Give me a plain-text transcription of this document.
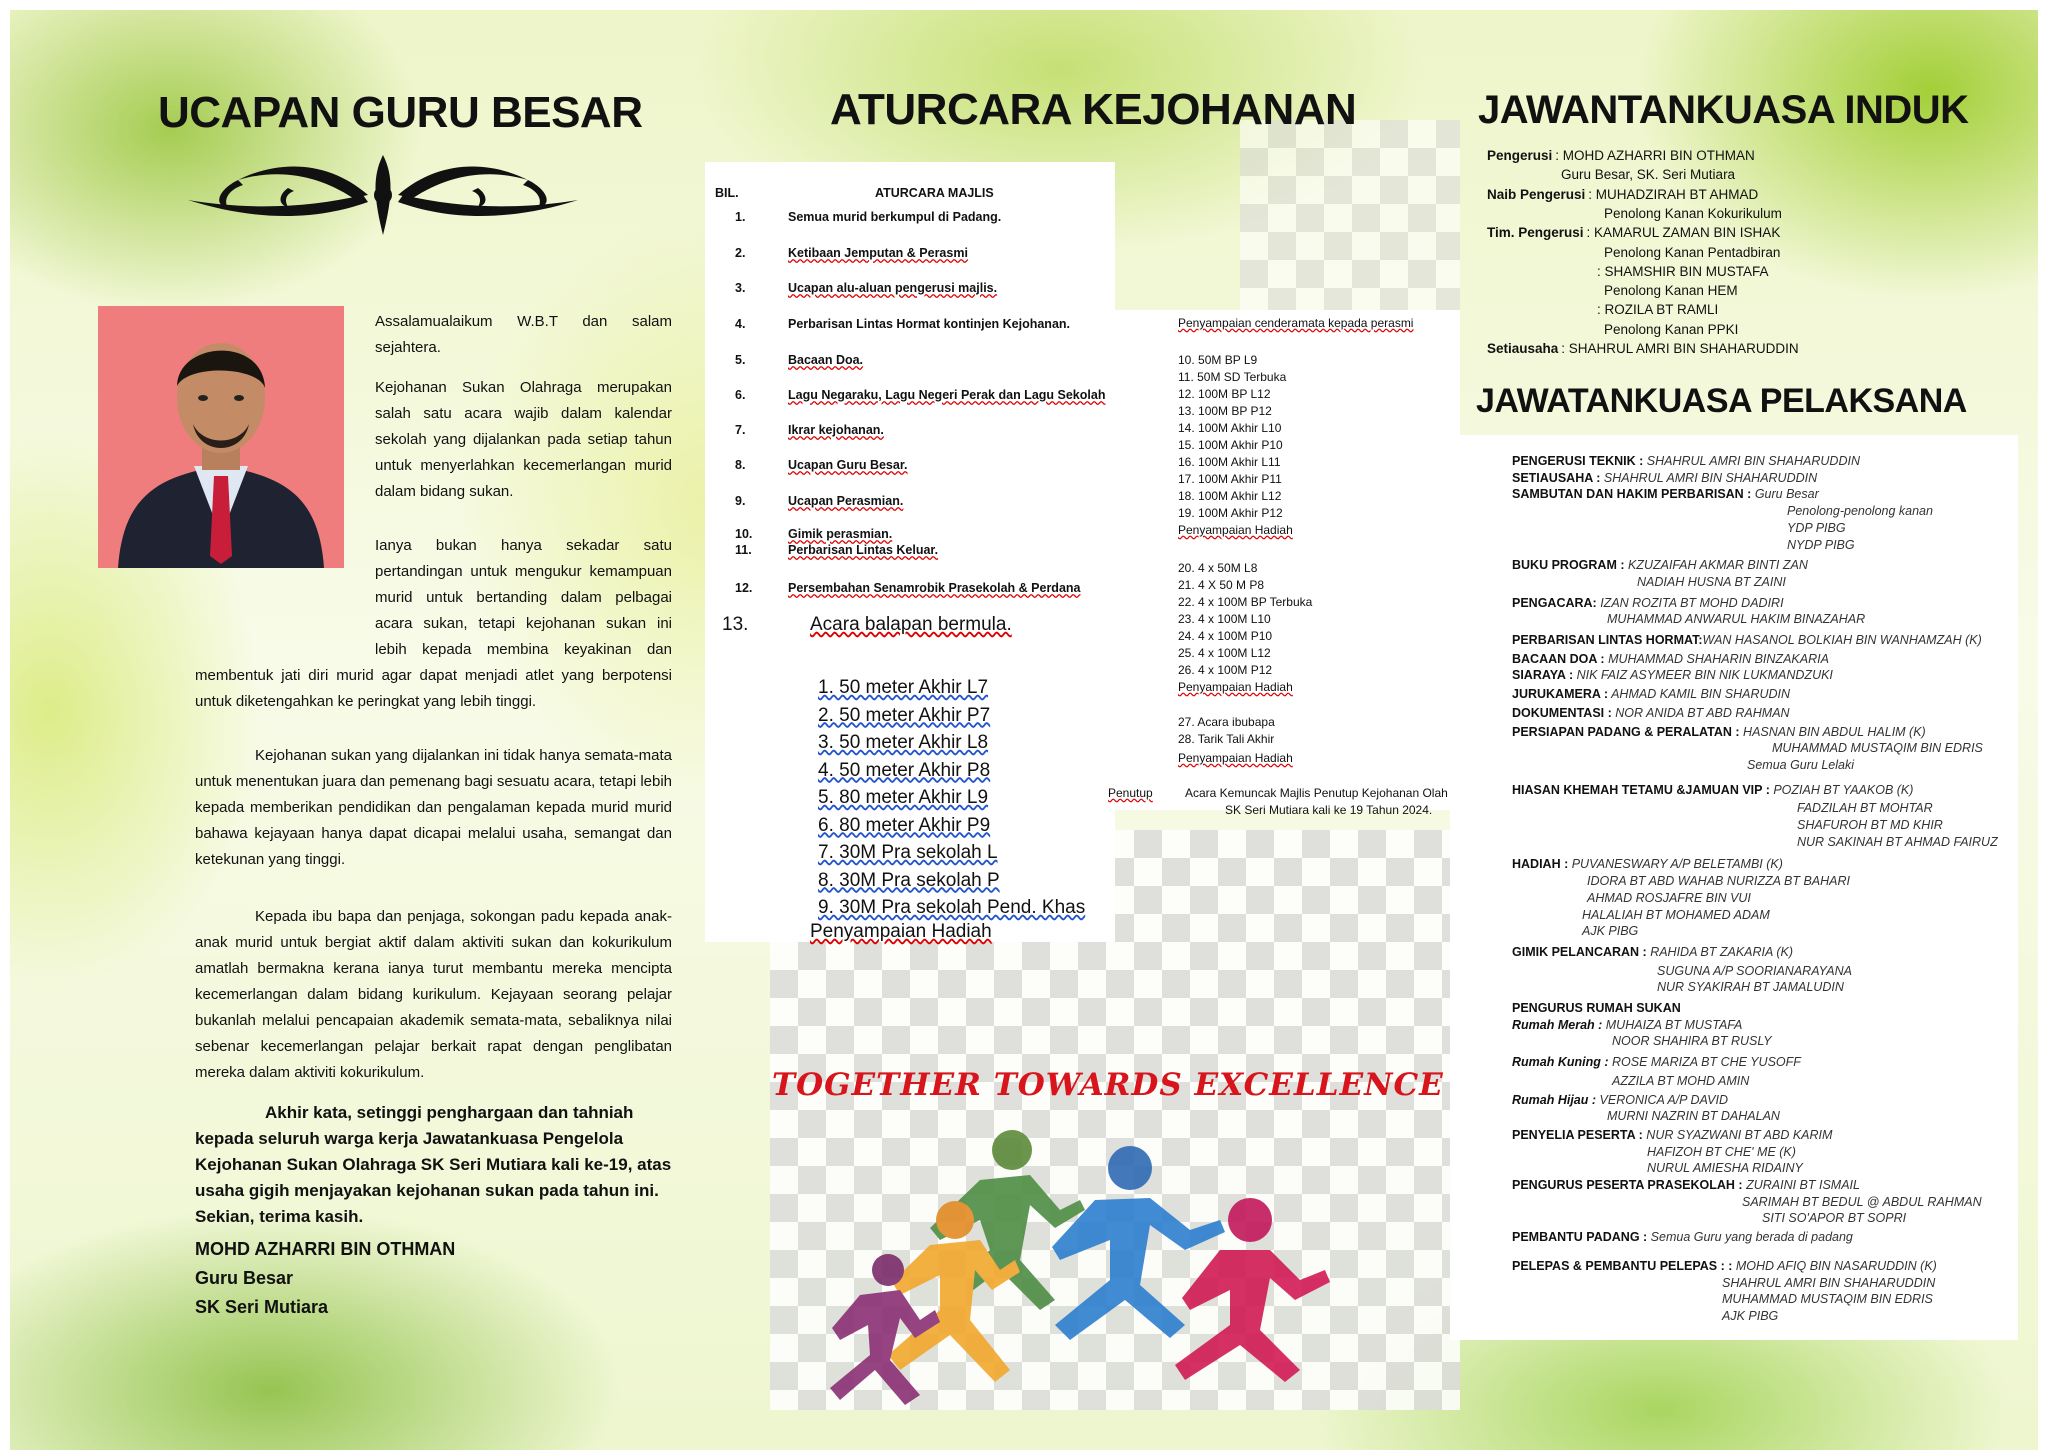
UCAPAN GURU BESAR

Assalamualaikum W.B.T dan salam sejahtera.

Kejohanan Sukan Olahraga merupakan salah satu acara wajib dalam kalendar sekolah yang dijalankan pada setiap tahun untuk menyerlahkan kecemerlangan murid dalam bidang sukan.

Ianya bukan hanya sekadar satu pertandingan untuk mengukur kemampuan murid untuk bertanding dalam pelbagai acara sukan, tetapi kejohanan sukan ini lebih kepada membina keyakinan dan membentuk jati diri murid agar dapat menjadi atlet yang berpotensi untuk diketengahkan ke peringkat yang lebih tinggi.

Kejohanan sukan yang dijalankan ini tidak hanya semata-mata untuk menentukan juara dan pemenang bagi sesuatu acara, tetapi lebih kepada memberikan pendidikan dan pengalaman kepada murid murid bahawa kejayaan hanya dapat dicapai melalui usaha, semangat dan ketekunan yang tinggi.

Kepada ibu bapa dan penjaga, sokongan padu kepada anak-anak murid untuk bergiat aktif dalam aktiviti sukan dan kokurikulum amatlah bermakna kerana ianya turut membantu mereka mencipta kecemerlangan dalam bidang kurikulum. Kejayaan seorang pelajar bukanlah melalui pencapaian akademik semata-mata, sebaliknya nilai sebenar kecemerlangan pelajar berkait rapat dengan penglibatan mereka dalam aktiviti kokurikulum.

Akhir kata, setinggi penghargaan dan tahniah kepada seluruh warga kerja Jawatankuasa Pengelola Kejohanan Sukan Olahraga SK Seri Mutiara kali ke-19, atas usaha gigih menjayakan kejohanan sukan pada tahun ini. Sekian, terima kasih.

MOHD AZHARRI BIN OTHMAN
Guru Besar
SK Seri Mutiara
ATURCARA KEJOHANAN
BIL.	ATURCARA MAJLIS
1.	Semua murid berkumpul di Padang.
2.	Ketibaan Jemputan & Perasmi
3.	Ucapan alu-aluan pengerusi majlis.
4.	Perbarisan Lintas Hormat kontinjen Kejohanan.
5.	Bacaan Doa.
6.	Lagu Negaraku, Lagu Negeri Perak dan Lagu Sekolah
7.	Ikrar kejohanan.
8.	Ucapan Guru Besar.
9.	Ucapan Perasmian.
10.	Gimik perasmian.
11.	Perbarisan Lintas Keluar.
12.	Persembahan Senamrobik Prasekolah & Perdana
13.	Acara balapan bermula.
1. 50 meter Akhir L7
2. 50 meter Akhir P7
3. 50 meter Akhir L8
4. 50 meter Akhir P8
5. 80 meter Akhir L9
6. 80 meter Akhir P9
7. 30M Pra sekolah L
8. 30M Pra sekolah P
9. 30M Pra sekolah Pend. Khas
Penyampaian Hadiah
Penyampaian cenderamata kepada perasmi
10. 50M BP L9
11. 50M SD Terbuka
12. 100M BP L12
13. 100M BP P12
14. 100M Akhir L10
15. 100M Akhir P10
16. 100M Akhir L11
17. 100M Akhir P11
18. 100M Akhir L12
19. 100M Akhir P12
Penyampaian Hadiah
20. 4 x 50M L8
21. 4 X 50 M P8
22. 4 x 100M BP Terbuka
23. 4 x 100M L10
24. 4 x 100M P10
25. 4 x 100M L12
26. 4 x 100M P12
Penyampaian Hadiah
27. Acara ibubapa
28. Tarik Tali Akhir
Penyampaian Hadiah
Penutup	Acara Kemuncak Majlis Penutup Kejohanan Olah
SK Seri Mutiara kali ke 19 Tahun 2024.
TOGETHER TOWARDS EXCELLENCE
JAWANTANKUASA INDUK
Pengerusi : MOHD AZHARRI BIN OTHMAN
Guru Besar, SK. Seri Mutiara
Naib Pengerusi : MUHADZIRAH BT AHMAD
Penolong Kanan Kokurikulum
Tim. Pengerusi : KAMARUL ZAMAN BIN ISHAK
Penolong Kanan Pentadbiran
: SHAMSHIR BIN MUSTAFA
Penolong Kanan HEM
: ROZILA BT RAMLI
Penolong Kanan PPKI
Setiausaha : SHAHRUL AMRI BIN SHAHARUDDIN
JAWATANKUASA PELAKSANA
PENGERUSI TEKNIK : SHAHRUL AMRI BIN SHAHARUDDIN
SETIAUSAHA : SHAHRUL AMRI BIN SHAHARUDDIN
SAMBUTAN DAN HAKIM PERBARISAN : Guru Besar
Penolong-penolong kanan
YDP PIBG
NYDP PIBG
BUKU PROGRAM : KZUZAIFAH AKMAR BINTI ZAN
NADIAH HUSNA BT ZAINI
PENGACARA: IZAN ROZITA BT MOHD DADIRI
MUHAMMAD ANWARUL HAKIM BINAZAHAR
PERBARISAN LINTAS HORMAT:WAN HASANOL BOLKIAH BIN WANHAMZAH (K)
BACAAN DOA : MUHAMMAD SHAHARIN BINZAKARIA
SIARAYA : NIK FAIZ ASYMEER BIN NIK LUKMANDZUKI
JURUKAMERA : AHMAD KAMIL BIN SHARUDIN
DOKUMENTASI : NOR ANIDA BT ABD RAHMAN
PERSIAPAN PADANG & PERALATAN : HASNAN BIN ABDUL HALIM (K)
MUHAMMAD MUSTAQIM BIN EDRIS
Semua Guru Lelaki
HIASAN KHEMAH TETAMU &JAMUAN VIP : POZIAH BT YAAKOB (K)
FADZILAH BT MOHTAR
SHAFUROH BT MD KHIR
NUR SAKINAH BT AHMAD FAIRUZ
HADIAH : PUVANESWARY A/P BELETAMBI (K)
IDORA BT ABD WAHAB NURIZZA BT BAHARI
AHMAD ROSJAFRE BIN VUI
HALALIAH BT MOHAMED ADAM
AJK PIBG
GIMIK PELANCARAN : RAHIDA BT ZAKARIA (K)
SUGUNA A/P SOORIANARAYANA
NUR SYAKIRAH BT JAMALUDIN
PENGURUS RUMAH SUKAN
Rumah Merah : MUHAIZA BT MUSTAFA
NOOR SHAHIRA BT RUSLY
Rumah Kuning : ROSE MARIZA BT CHE YUSOFF
AZZILA BT MOHD AMIN
Rumah Hijau : VERONICA A/P DAVID
MURNI NAZRIN BT DAHALAN
PENYELIA PESERTA : NUR SYAZWANI BT ABD KARIM
HAFIZOH BT CHE' ME (K)
NURUL AMIESHA RIDAINY
PENGURUS PESERTA PRASEKOLAH : ZURAINI BT ISMAIL
SARIMAH BT BEDUL @ ABDUL RAHMAN
SITI SO'APOR BT SOPRI
PEMBANTU PADANG : Semua Guru yang berada di padang
PELEPAS & PEMBANTU PELEPAS : : MOHD AFIQ BIN NASARUDDIN (K)
SHAHRUL AMRI BIN SHAHARUDDIN
MUHAMMAD MUSTAQIM BIN EDRIS
AJK PIBG
